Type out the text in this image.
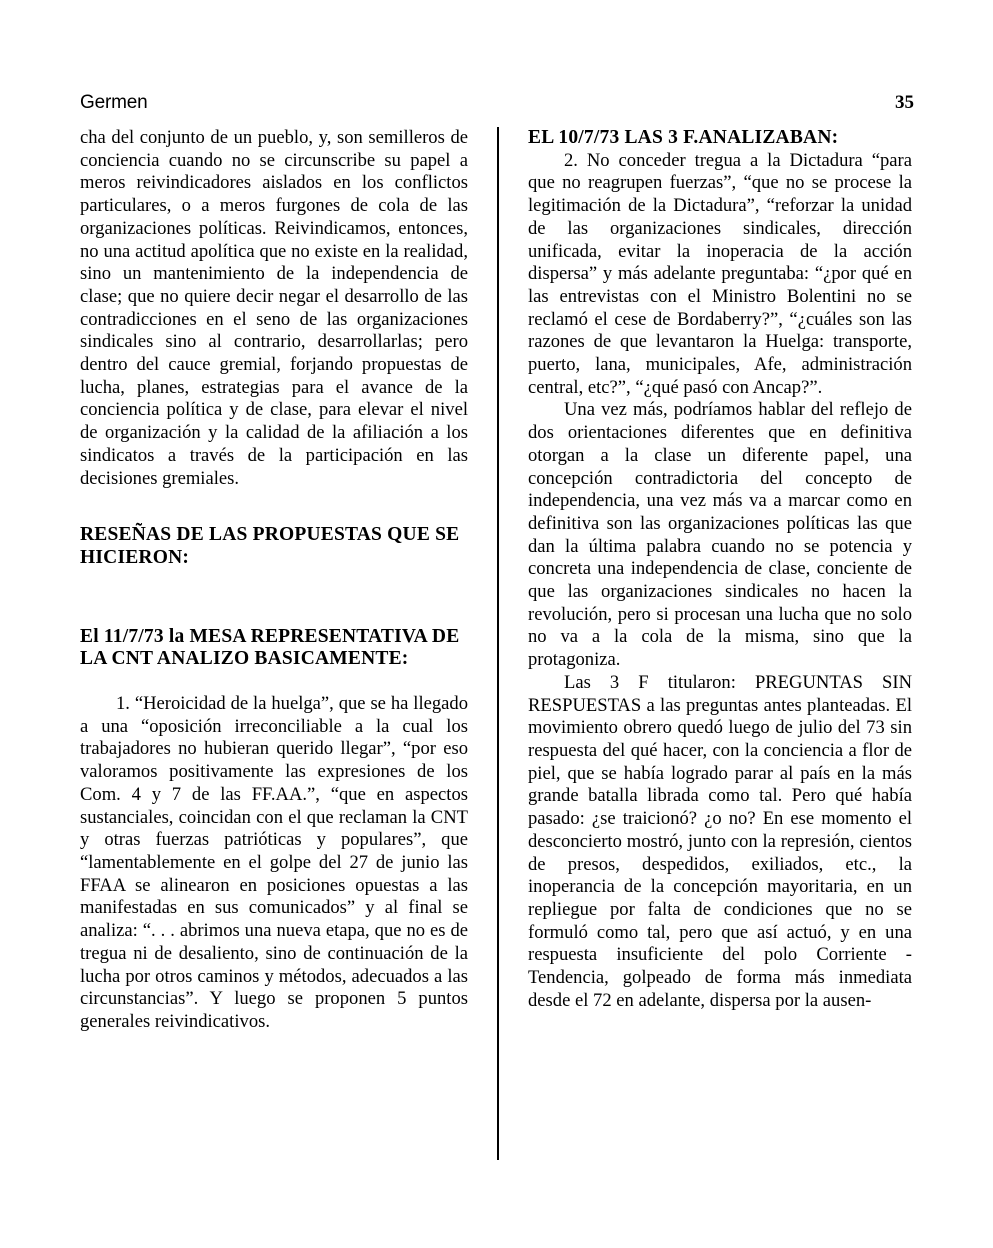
Germen	35

cha del conjunto de un pueblo, y, son semilleros de conciencia cuando no se circunscribe su papel a meros reivindicadores aislados en los conflictos particulares, o a meros furgones de cola de las organizaciones políticas. Reivindicamos, entonces, no una actitud apolítica que no existe en la realidad, sino un mantenimiento de la independencia de clase; que no quiere decir negar el desarrollo de las contradicciones en el seno de las organizaciones sindicales sino al contrario, desarrollarlas; pero dentro del cauce gremial, forjando propuestas de lucha, planes, estrategias para el avance de la conciencia política y de clase, para elevar el nivel de organización y la calidad de la afiliación a los sindicatos a través de la participación en las decisiones gremiales.

RESEÑAS DE LAS PROPUESTAS QUE SE HICIERON:

El 11/7/73 la MESA REPRESENTATIVA DE LA CNT ANALIZO BASICAMENTE:

1. “Heroicidad de la huelga”, que se ha llegado a una “oposición irreconciliable a la cual los trabajadores no hubieran querido llegar”, “por eso valoramos positivamente las expresiones de los Com. 4 y 7 de las FF.AA.”, “que en aspectos sustanciales, coincidan con el que reclaman la CNT y otras fuerzas patrióticas y populares”, que “lamentablemente en el golpe del 27 de junio las FFAA se alinearon en posiciones opuestas a las manifestadas en sus comunicados” y al final se analiza: “. . . abrimos una nueva etapa, que no es de tregua ni de desaliento, sino de continuación de la lucha por otros caminos y métodos, adecuados a las circunstancias”. Y luego se proponen 5 puntos generales reivindicativos.

EL 10/7/73 LAS 3 F.ANALIZABAN:

2. No conceder tregua a la Dictadura “para que no reagrupen fuerzas”, “que no se procese la legitimación de la Dictadura”, “reforzar la unidad de las organizaciones sindicales, dirección unificada, evitar la inoperacia de la acción dispersa” y más adelante preguntaba: “¿por qué en las entrevistas con el Ministro Bolentini no se reclamó el cese de Bordaberry?”, “¿cuáles son las razones de que levantaron la Huelga: transporte, puerto, lana, municipales, Afe, administración central, etc?”, “¿qué pasó con Ancap?”.

Una vez más, podríamos hablar del reflejo de dos orientaciones diferentes que en definitiva otorgan a la clase un diferente papel, una concepción contradictoria del concepto de independencia, una vez más va a marcar como en definitiva son las organizaciones políticas las que dan la última palabra cuando no se potencia y concreta una independencia de clase, conciente de que las organizaciones sindicales no hacen la revolución, pero si procesan una lucha que no solo no va a la cola de la misma, sino que la protagoniza.

Las 3 F titularon: PREGUNTAS SIN RESPUESTAS a las preguntas antes planteadas. El movimiento obrero quedó luego de julio del 73 sin respuesta del qué hacer, con la conciencia a flor de piel, que se había logrado parar al país en la más grande batalla librada como tal. Pero qué había pasado: ¿se traicionó? ¿o no? En ese momento el desconcierto mostró, junto con la represión, cientos de presos, despedidos, exiliados, etc., la inoperancia de la concepción mayoritaria, en un repliegue por falta de condiciones que no se formuló como tal, pero que así actuó, y en una respuesta insuficiente del polo Corriente - Tendencia, golpeado de forma más inmediata desde el 72 en adelante, dispersa por la ausen-
